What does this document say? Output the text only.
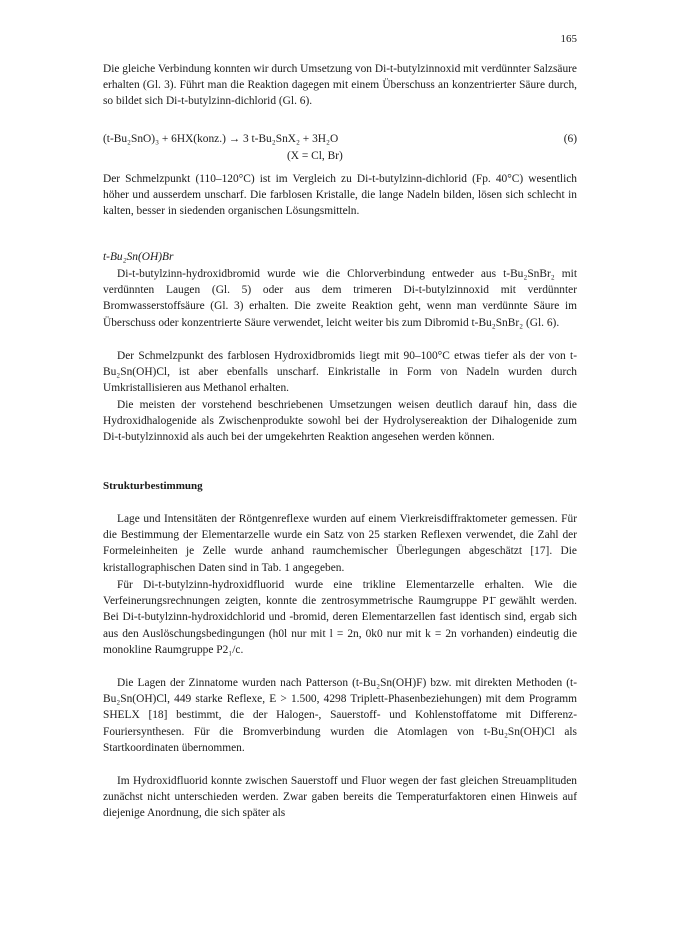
165

Die gleiche Verbindung konnten wir durch Umsetzung von Di-t-butylzinnoxid mit verdünnter Salzsäure erhalten (Gl. 3). Führt man die Reaktion dagegen mit einem Überschuss an konzentrierter Säure durch, so bildet sich Di-t-butylzinn-dichlorid (Gl. 6).

(t-Bu₂SnO)₃ + 6HX(konz.) → 3 t-Bu₂SnX₂ + 3H₂O	(6)
(X = Cl, Br)

Der Schmelzpunkt (110–120°C) ist im Vergleich zu Di-t-butylzinn-dichlorid (Fp. 40°C) wesentlich höher und ausserdem unscharf. Die farblosen Kristalle, die lange Nadeln bilden, lösen sich schlecht in kalten, besser in siedenden organischen Lösungsmitteln.

t-Bu₂Sn(OH)Br

Di-t-butylzinn-hydroxidbromid wurde wie die Chlorverbindung entweder aus t-Bu₂SnBr₂ mit verdünnten Laugen (Gl. 5) oder aus dem trimeren Di-t-butylzinnoxid mit verdünnter Bromwasserstoffsäure (Gl. 3) erhalten. Die zweite Reaktion geht, wenn man verdünnte Säure im Überschuss oder konzentrierte Säure verwendet, leicht weiter bis zum Dibromid t-Bu₂SnBr₂ (Gl. 6).

Der Schmelzpunkt des farblosen Hydroxidbromids liegt mit 90–100°C etwas tiefer als der von t-Bu₂Sn(OH)Cl, ist aber ebenfalls unscharf. Einkristalle in Form von Nadeln wurden durch Umkristallisieren aus Methanol erhalten.

Die meisten der vorstehend beschriebenen Umsetzungen weisen deutlich darauf hin, dass die Hydroxidhalogenide als Zwischenprodukte sowohl bei der Hydrolysereaktion der Dihalogenide zum Di-t-butylzinnoxid als auch bei der umgekehrten Reaktion angesehen werden können.

Strukturbestimmung

Lage und Intensitäten der Röntgenreflexe wurden auf einem Vierkreisdiffraktometer gemessen. Für die Bestimmung der Elementarzelle wurde ein Satz von 25 starken Reflexen verwendet, die Zahl der Formeleinheiten je Zelle wurde anhand raumchemischer Überlegungen abgeschätzt [17]. Die kristallographischen Daten sind in Tab. 1 angegeben.

Für Di-t-butylzinn-hydroxidfluorid wurde eine trikline Elementarzelle erhalten. Wie die Verfeinerungsrechnungen zeigten, konnte die zentrosymmetrische Raumgruppe P1̄ gewählt werden. Bei Di-t-butylzinn-hydroxidchlorid und -bromid, deren Elementarzellen fast identisch sind, ergab sich aus den Auslöschungsbedingungen (h0l nur mit l = 2n, 0k0 nur mit k = 2n vorhanden) eindeutig die monokline Raumgruppe P2₁/c.

Die Lagen der Zinnatome wurden nach Patterson (t-Bu₂Sn(OH)F) bzw. mit direkten Methoden (t-Bu₂Sn(OH)Cl, 449 starke Reflexe, E > 1.500, 4298 Triplett-Phasenbeziehungen) mit dem Programm SHELX [18] bestimmt, die der Halogen-, Sauerstoff- und Kohlenstoffatome mit Differenz-Fouriersynthesen. Für die Bromverbindung wurden die Atomlagen von t-Bu₂Sn(OH)Cl als Startkoordinaten übernommen.

Im Hydroxidfluorid konnte zwischen Sauerstoff und Fluor wegen der fast gleichen Streuamplituden zunächst nicht unterschieden werden. Zwar gaben bereits die Temperaturfaktoren einen Hinweis auf diejenige Anordnung, die sich später als
